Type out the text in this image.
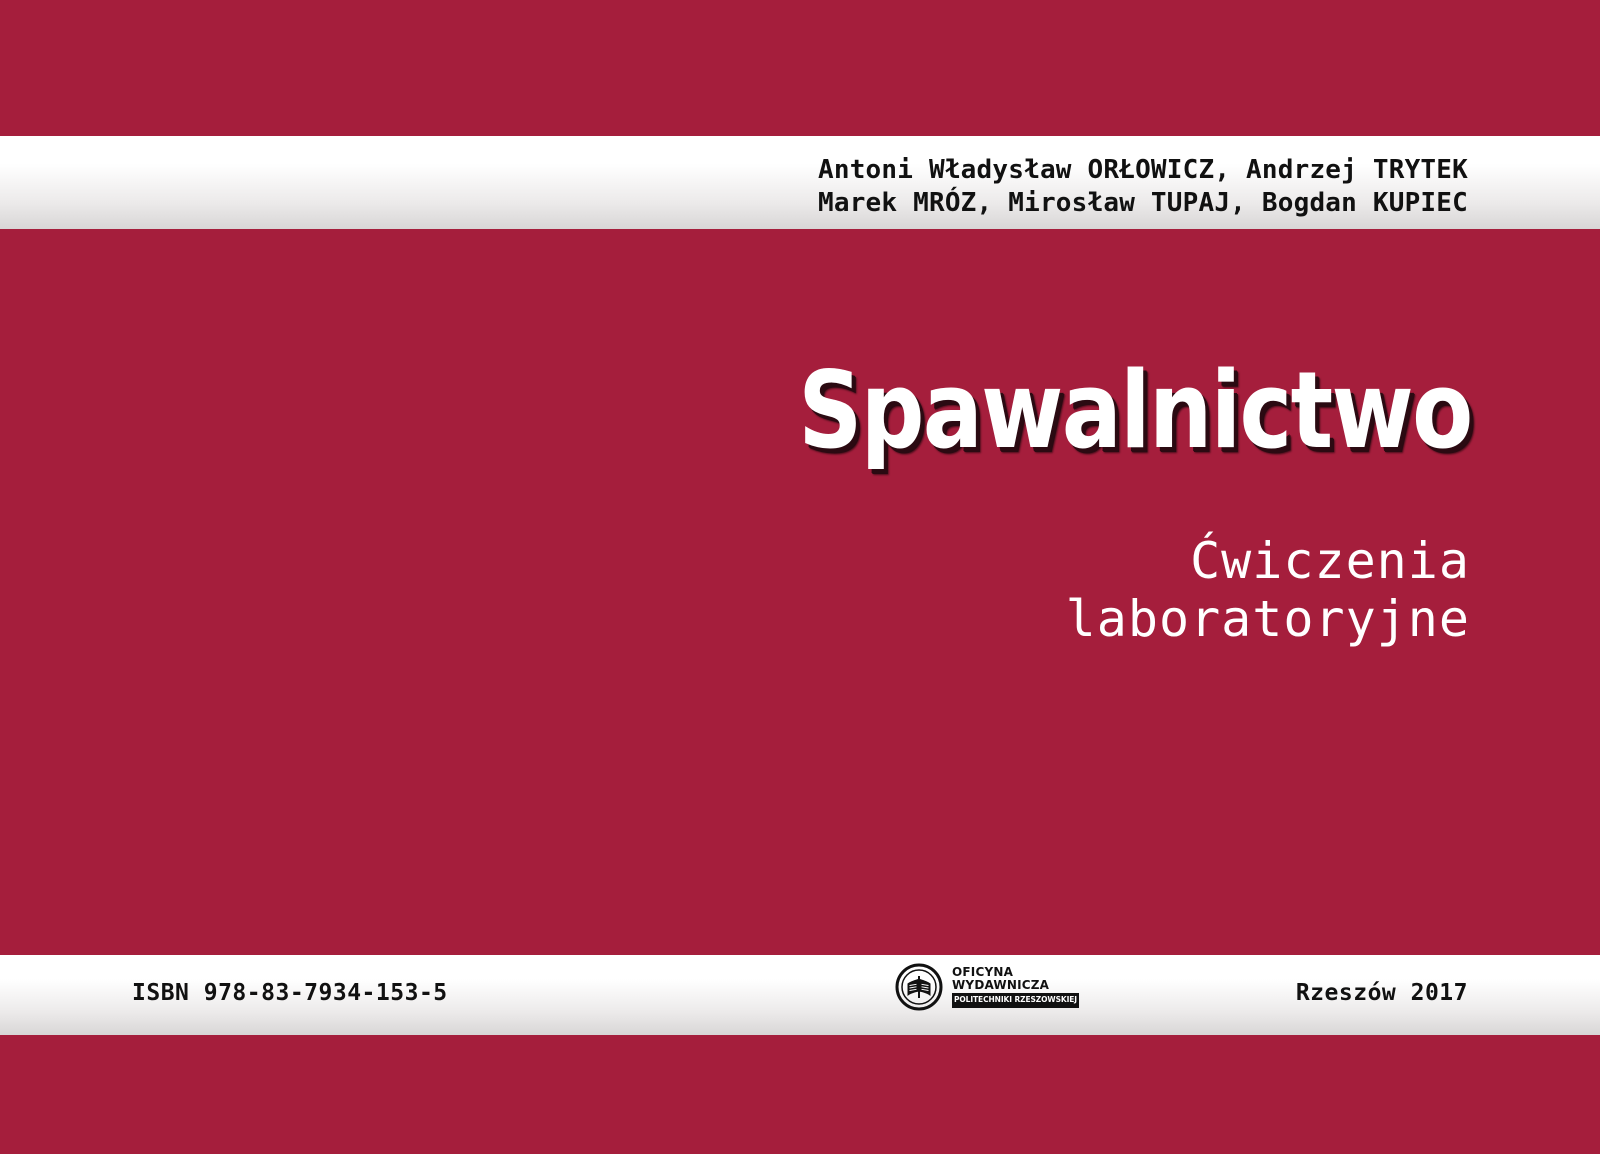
Antoni Władysław ORŁOWICZ, Andrzej TRYTEK
Marek MRÓZ, Mirosław TUPAJ, Bogdan KUPIEC
Spawalnictwo
Ćwiczenia
laboratoryjne
ISBN 978-83-7934-153-5
OFICYNA
WYDAWNICZA
POLITECHNIKI RZESZOWSKIEJ	Rzeszów 2017
